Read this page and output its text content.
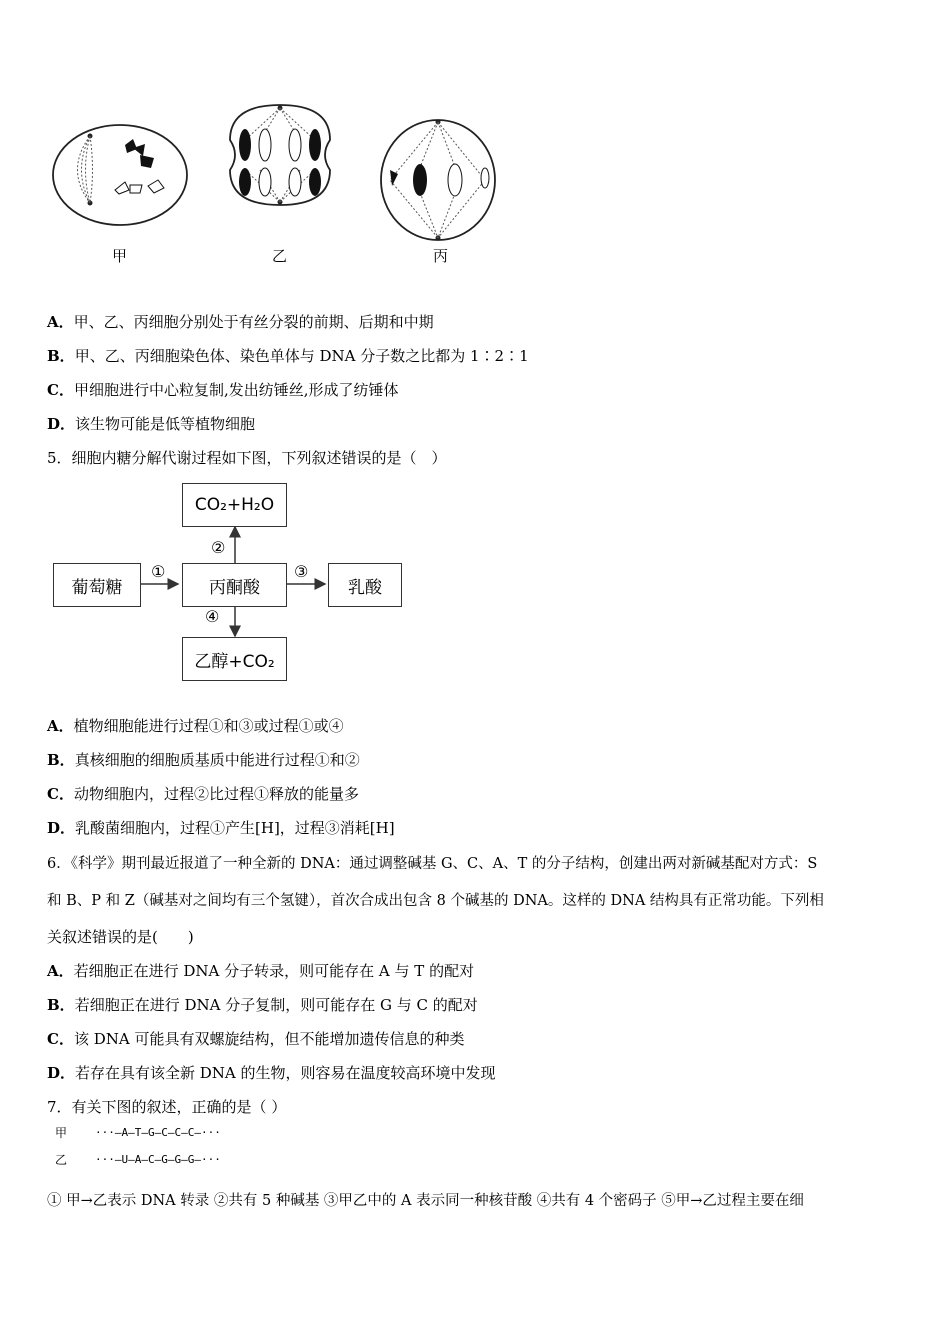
甲	乙	丙
A．甲、乙、丙细胞分别处于有丝分裂的前期、后期和中期
B．甲、乙、丙细胞染色体、染色单体与 DNA 分子数之比都为 1∶2∶1
C．甲细胞进行中心粒复制,发出纺锤丝,形成了纺锤体
D．该生物可能是低等植物细胞
5．细胞内糖分解代谢过程如下图，下列叙述错误的是（　）
CO₂+H₂O
葡萄糖	丙酮酸	乳酸
乙醇+CO₂
①
②
③
④
A．植物细胞能进行过程①和③或过程①或④
B．真核细胞的细胞质基质中能进行过程①和②
C．动物细胞内，过程②比过程①释放的能量多
D．乳酸菌细胞内，过程①产生[H]，过程③消耗[H]
6．《科学》期刊最近报道了一种全新的 DNA：通过调整碱基 G、C、A、T 的分子结构，创建出两对新碱基配对方式：S
和 B、P 和 Z（碱基对之间均有三个氢键），首次合成出包含 8 个碱基的 DNA。这样的 DNA 结构具有正常功能。下列相
关叙述错误的是(　　)
A．若细胞正在进行 DNA 分子转录，则可能存在 A 与 T 的配对
B．若细胞正在进行 DNA 分子复制，则可能存在 G 与 C 的配对
C．该 DNA 可能具有双螺旋结构，但不能增加遗传信息的种类
D．若存在具有该全新 DNA 的生物，则容易在温度较高环境中发现
7．有关下图的叙述，正确的是（ ）
甲
乙
···—A—T—G—C—C—C—···
···—U—A—C—G—G—G—···
① 甲→乙表示 DNA 转录 ②共有 5 种碱基 ③甲乙中的 A 表示同一种核苷酸 ④共有 4 个密码子 ⑤甲→乙过程主要在细
